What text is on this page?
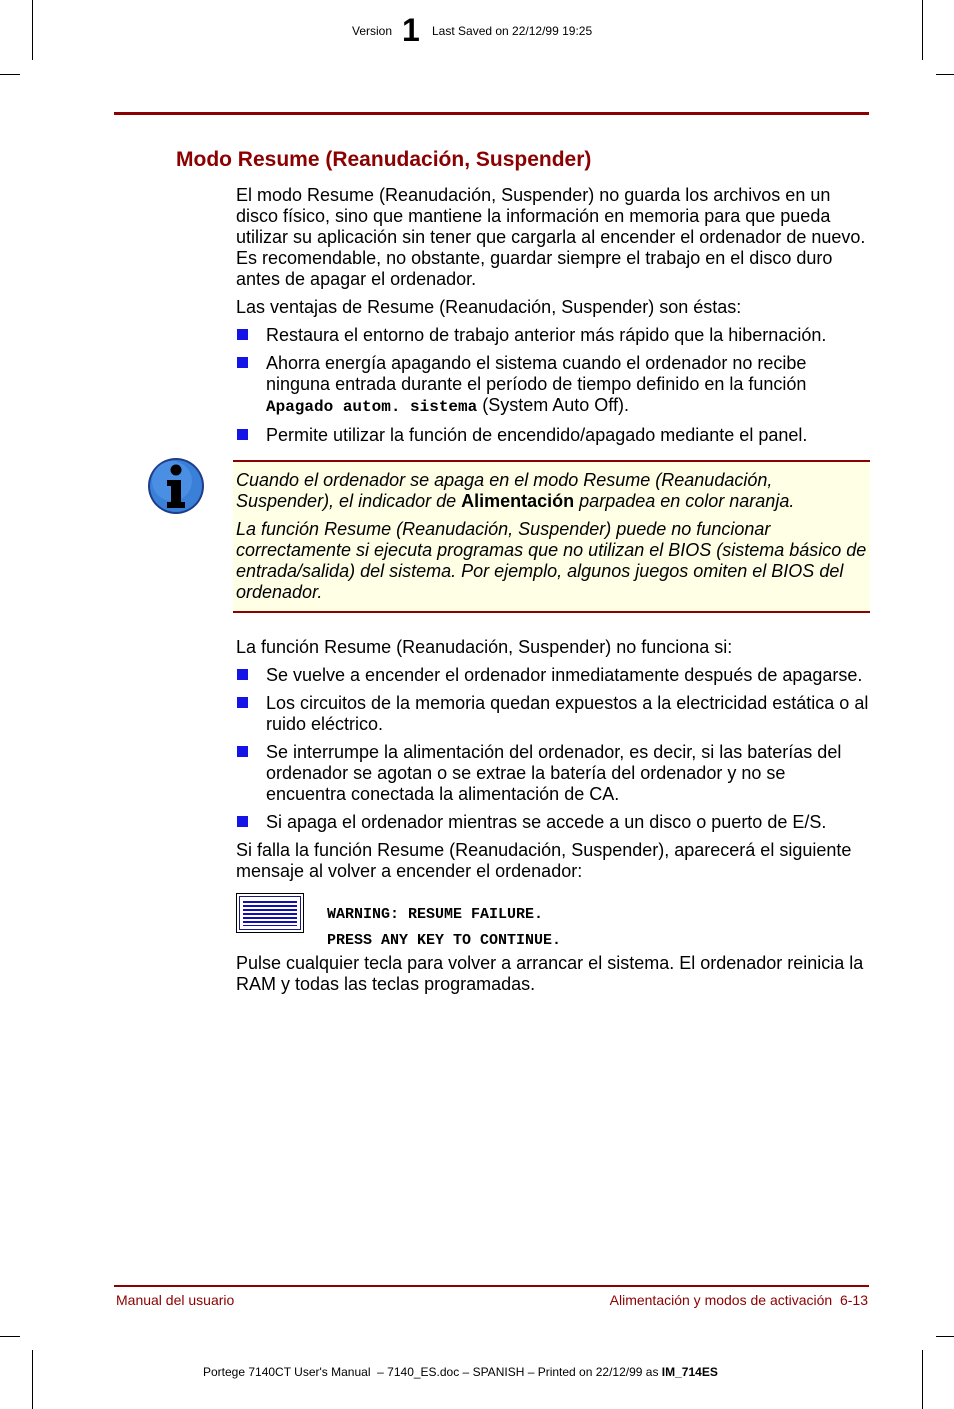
Version 1 Last Saved on 22/12/99 19:25
Modo Resume (Reanudación, Suspender)

El modo Resume (Reanudación, Suspender) no guarda los archivos en un disco físico, sino que mantiene la información en memoria para que pueda utilizar su aplicación sin tener que cargarla al encender el ordenador de nuevo. Es recomendable, no obstante, guardar siempre el trabajo en el disco duro antes de apagar el ordenador.

Las ventajas de Resume (Reanudación, Suspender) son éstas:

Restaura el entorno de trabajo anterior más rápido que la hibernación.
Ahorra energía apagando el sistema cuando el ordenador no recibe ninguna entrada durante el período de tiempo definido en la función Apagado autom. sistema (System Auto Off).
Permite utilizar la función de encendido/apagado mediante el panel.

Cuando el ordenador se apaga en el modo Resume (Reanudación, Suspender), el indicador de Alimentación parpadea en color naranja.

La función Resume (Reanudación, Suspender) puede no funcionar correctamente si ejecuta programas que no utilizan el BIOS (sistema básico de entrada/salida) del sistema. Por ejemplo, algunos juegos omiten el BIOS del ordenador.

La función Resume (Reanudación, Suspender) no funciona si:

Se vuelve a encender el ordenador inmediatamente después de apagarse.
Los circuitos de la memoria quedan expuestos a la electricidad estática o al ruido eléctrico.
Se interrumpe la alimentación del ordenador, es decir, si las baterías del ordenador se agotan o se extrae la batería del ordenador y no se encuentra conectada la alimentación de CA.
Si apaga el ordenador mientras se accede a un disco o puerto de E/S.

Si falla la función Resume (Reanudación, Suspender), aparecerá el siguiente mensaje al volver a encender el ordenador:

WARNING: RESUME FAILURE.
PRESS ANY KEY TO CONTINUE.

Pulse cualquier tecla para volver a arrancar el sistema. El ordenador reinicia la RAM y todas las teclas programadas.

Manual del usuario	Alimentación y modos de activación  6-13
Portege 7140CT User's Manual  – 7140_ES.doc – SPANISH – Printed on 22/12/99 as IM_714ES
